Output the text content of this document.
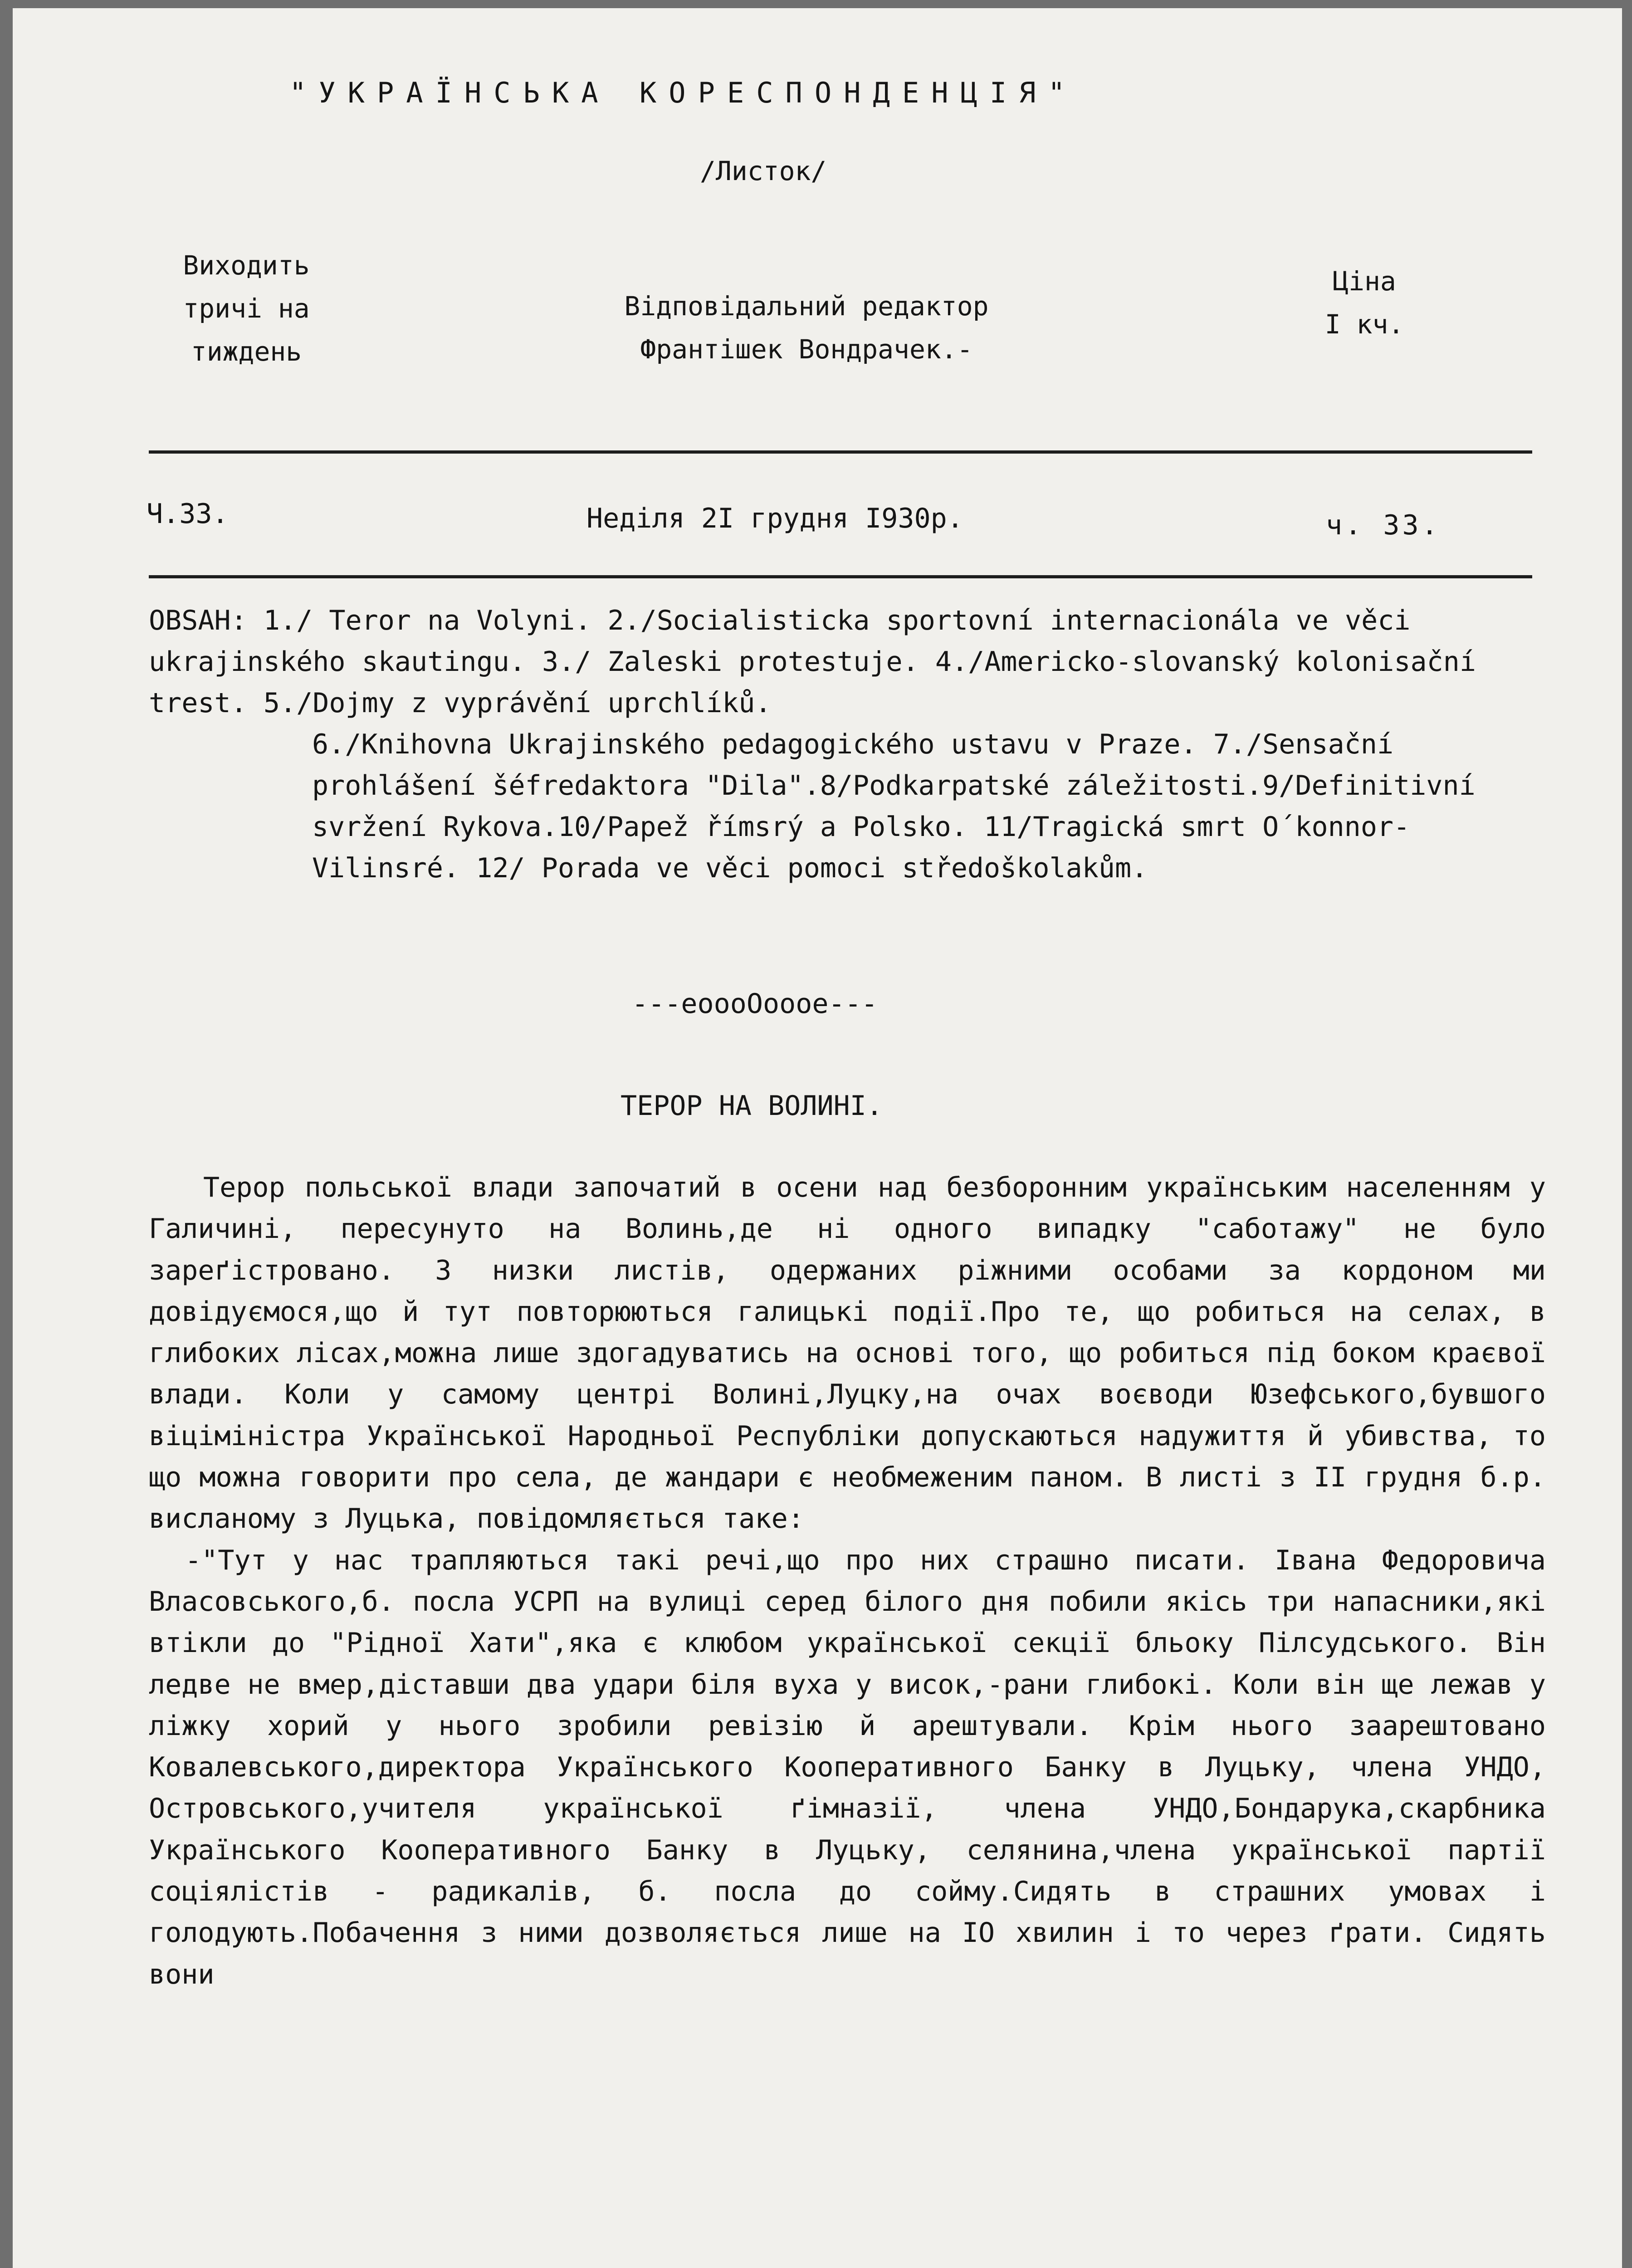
"УКРАЇНСЬКА КОРЕСПОНДЕНЦІЯ"
/Листок/
Виходить тричі на тиждень
Відповідальний редактор
Франтішек Вондрачек.-
Ціна I кч.
Ч.33.	Неділя 2I грудня I930р.	ч. 33.

OBSAH: 1./ Teror na Volyni. 2./Socialisticka sportovní internacionála ve věci ukrajinského skautingu. 3./ Zaleski protestuje. 4./Americko-slovanský kolonisační trest. 5./Dojmy z vyprávění uprchlíků.

6./Knihovna Ukrajinského pedagogického ustavu v Praze. 7./Sensační prohlášení šéfredaktora "Dila".8/Podkarpatské záležitosti.9/Definitivní svržení Rykova.10/Papež římsrý a Polsko. 11/Tragická smrt O´konnor-Vilinsré. 12/ Porada ve věci pomoci středoškolakům.

---eoooOoooe---
ТЕРОР НА ВОЛИНІ.

Терор польської влади започатий в осени над безборонним українським населенням у Галичині, пересунуто на Волинь,де ні одного випадку "саботажу" не було зареґістровано. З низки листів, одержаних ріжними особами за кордоном ми довідуємося,що й тут повторюються галицькі події.Про те, що робиться на селах, в глибоких лісах,можна лише здогадуватись на основі того, що робиться під боком краєвої влади. Коли у самому центрі Волині,Луцку,на очах воєводи Юзефського,бувшого віціміністра Української Народньої Республіки допускаються надужиття й убивства, то що можна говорити про села, де жандари є необмеженим паном. В листі з II грудня б.р. висланому з Луцька, повідомляється таке:

-"Тут у нас трапляються такі речі,що про них страшно писати. Івана Федоровича Власовського,б. посла УСРП на вулиці серед білого дня побили якісь три напасники,які втікли до "Рідної Хати",яка є клюбом української секції бльоку Пілсудського. Він ледве не вмер,діставши два удари біля вуха у висок,-рани глибокі. Коли він ще лежав у ліжку хорий у нього зробили ревізію й арештували. Крім нього заарештовано Ковалевського,директора Українського Кооперативного Банку в Луцьку, члена УНДО, Островського,учителя української ґімназії, члена УНДО,Бондарука,скарбника Українського Кооперативного Банку в Луцьку, селянина,члена української партії соціялістів - радикалів, б. посла до сойму.Сидять в страшних умовах і голодують.Побачення з ними дозволяється лише на IO хвилин і то через ґрати. Сидять вони
